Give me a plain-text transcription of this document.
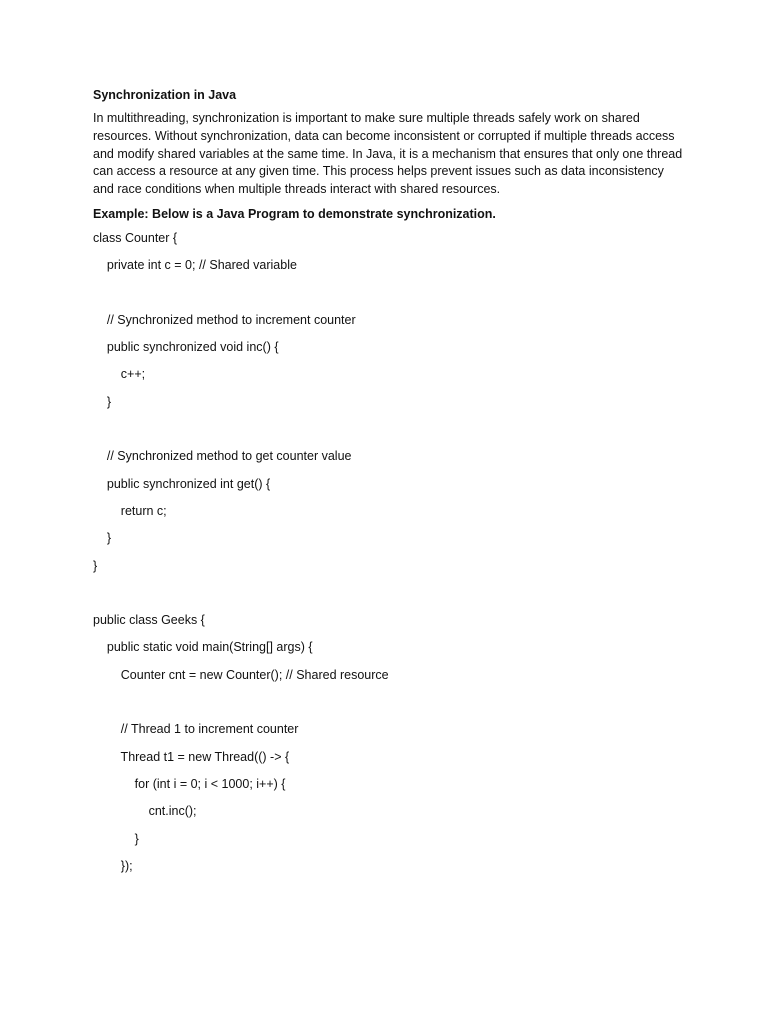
Synchronization in Java
In multithreading, synchronization is important to make sure multiple threads safely work on shared resources. Without synchronization, data can become inconsistent or corrupted if multiple threads access and modify shared variables at the same time. In Java, it is a mechanism that ensures that only one thread can access a resource at any given time. This process helps prevent issues such as data inconsistency and race conditions when multiple threads interact with shared resources.
Example: Below is a Java Program to demonstrate synchronization.
class Counter {
private int c = 0; // Shared variable
// Synchronized method to increment counter
public synchronized void inc() {
c++;
}
// Synchronized method to get counter value
public synchronized int get() {
return c;
}
}
public class Geeks {
public static void main(String[] args) {
Counter cnt = new Counter(); // Shared resource
// Thread 1 to increment counter
Thread t1 = new Thread(() -> {
for (int i = 0; i < 1000; i++) {
cnt.inc();
}
});
